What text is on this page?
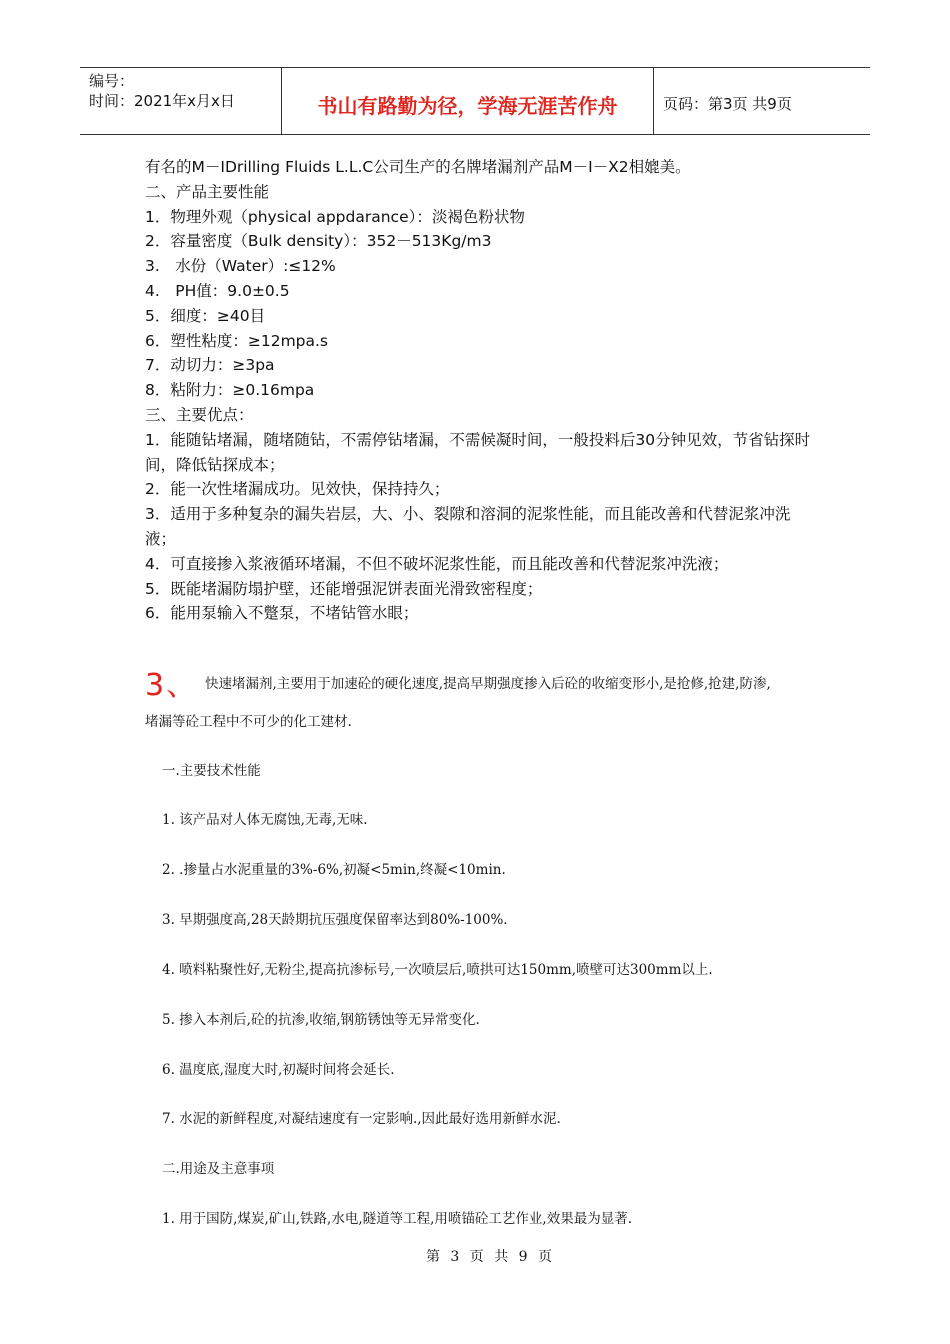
编号：
时间：2021年x月x日	书山有路勤为径，学海无涯苦作舟	页码：第3页 共9页
有名的M－IDrilling Fluids L.L.C公司生产的名牌堵漏剂产品M－I－X2相媲美。
二、产品主要性能
1．物理外观（physical appdarance）：淡褐色粉状物
2．容量密度（Bulk density）：352－513Kg/m3
3.　水份（Water）:≤12%
4.　PH值：9.0±0.5
5．细度：≥40目
6．塑性粘度：≥12mpa.s
7．动切力：≥3pa
8．粘附力：≥0.16mpa
三、主要优点：
1．能随钻堵漏，随堵随钻，不需停钻堵漏，不需候凝时间，一般投料后30分钟见效，节省钻探时间，降低钻探成本；
2．能一次性堵漏成功。见效快，保持持久；
3．适用于多种复杂的漏失岩层，大、小、裂隙和溶洞的泥浆性能，而且能改善和代替泥浆冲洗液；
4．可直接掺入浆液循环堵漏，不但不破坏泥浆性能，而且能改善和代替泥浆冲洗液；
5．既能堵漏防塌护壁，还能增强泥饼表面光滑致密程度；
6．能用泵输入不蹩泵，不堵钻管水眼；
3、 快速堵漏剂,主要用于加速砼的硬化速度,提高早期强度掺入后砼的收缩变形小,是抢修,抢建,防渗,
堵漏等砼工程中不可少的化工建材.
一.主要技术性能
1. 该产品对人体无腐蚀,无毒,无味.
2. .掺量占水泥重量的3%-6%,初凝<5min,终凝<10min.
3. 早期强度高,28天龄期抗压强度保留率达到80%-100%.
4. 喷料粘聚性好,无粉尘,提高抗渗标号,一次喷层后,喷拱可达150mm,喷壁可达300mm以上.
5. 掺入本剂后,砼的抗渗,收缩,钢筋锈蚀等无异常变化.
6. 温度底,湿度大时,初凝时间将会延长.
7. 水泥的新鲜程度,对凝结速度有一定影响.,因此最好选用新鲜水泥.
二.用途及主意事项
1. 用于国防,煤炭,矿山,铁路,水电,隧道等工程,用喷锚砼工艺作业,效果最为显著.
第 3 页 共 9 页
